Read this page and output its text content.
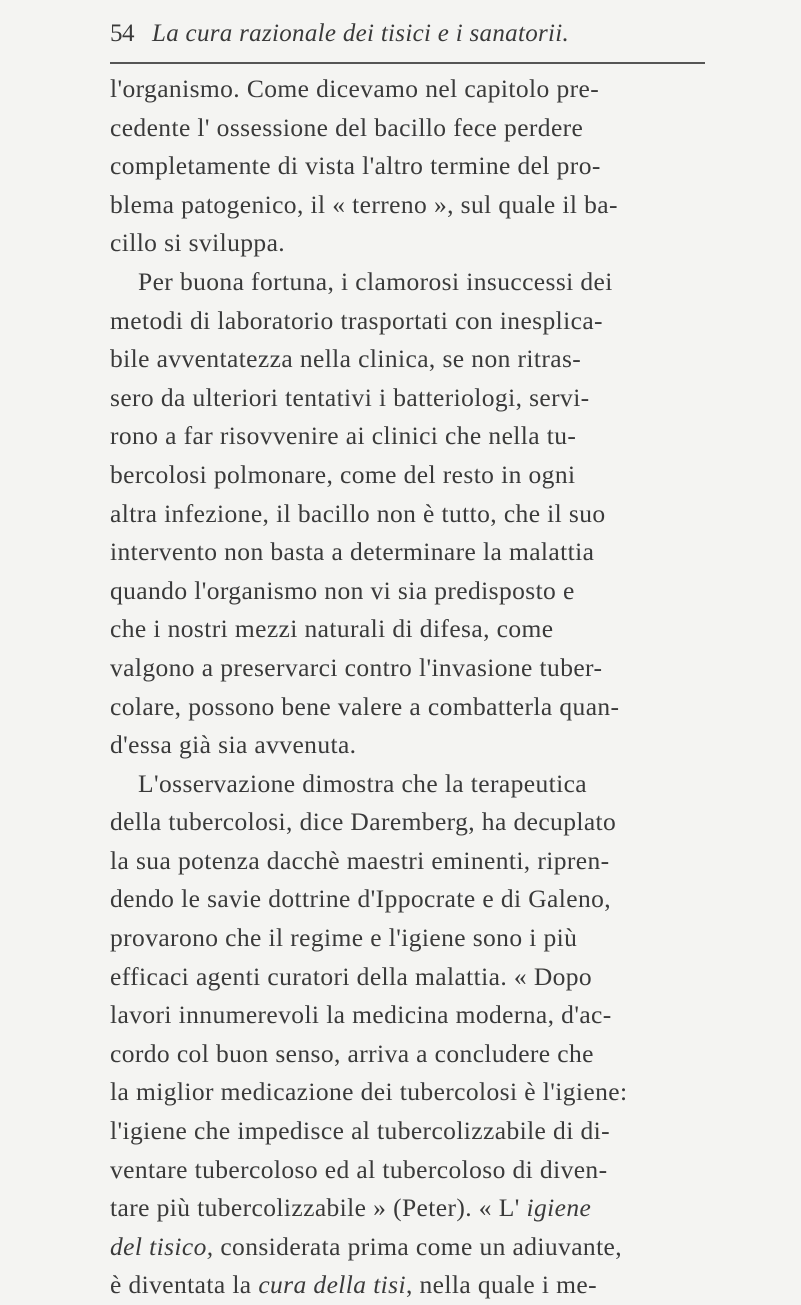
54 La cura razionale dei tisici e i sanatorii.
l'organismo. Come dicevamo nel capitolo pre-
cedente l' ossessione del bacillo fece perdere
completamente di vista l'altro termine del pro-
blema patogenico, il « terreno », sul quale il ba-
cillo si sviluppa.
Per buona fortuna, i clamorosi insuccessi dei
metodi di laboratorio trasportati con inesplica-
bile avventatezza nella clinica, se non ritras-
sero da ulteriori tentativi i batteriologi, servi-
rono a far risovvenire ai clinici che nella tu-
bercolosi polmonare, come del resto in ogni
altra infezione, il bacillo non è tutto, che il suo
intervento non basta a determinare la malattia
quando l'organismo non vi sia predisposto e
che i nostri mezzi naturali di difesa, come
valgono a preservarci contro l'invasione tuber-
colare, possono bene valere a combatterla quan-
d'essa già sia avvenuta.
L'osservazione dimostra che la terapeutica
della tubercolosi, dice Daremberg, ha decuplato
la sua potenza dacchè maestri eminenti, ripren-
dendo le savie dottrine d'Ippocrate e di Galeno,
provarono che il regime e l'igiene sono i più
efficaci agenti curatori della malattia. « Dopo
lavori innumerevoli la medicina moderna, d'ac-
cordo col buon senso, arriva a concludere che
la miglior medicazione dei tubercolosi è l'igiene:
l'igiene che impedisce al tubercolizzabile di di-
ventare tubercoloso ed al tubercoloso di diven-
tare più tubercolizzabile » (Peter). « L' igiene
del tisico, considerata prima come un adiuvante,
è diventata la cura della tisi, nella quale i me-
